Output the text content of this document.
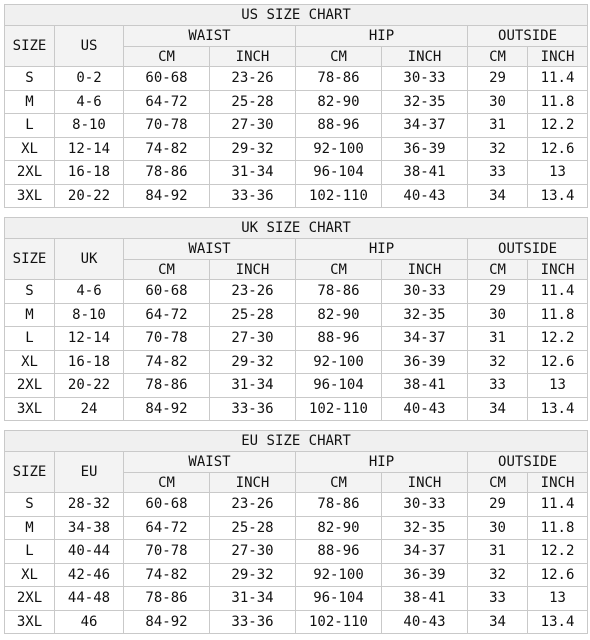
US SIZE CHART							
SIZE	US	WAIST		HIP		OUTSIDE	
		CM	INCH	CM	INCH	CM	INCH
S	0-2	60-68	23-26	78-86	30-33	29	11.4
M	4-6	64-72	25-28	82-90	32-35	30	11.8
L	8-10	70-78	27-30	88-96	34-37	31	12.2
XL	12-14	74-82	29-32	92-100	36-39	32	12.6
2XL	16-18	78-86	31-34	96-104	38-41	33	13
3XL	20-22	84-92	33-36	102-110	40-43	34	13.4
UK SIZE CHART							
SIZE	UK	WAIST		HIP		OUTSIDE	
		CM	INCH	CM	INCH	CM	INCH
S	4-6	60-68	23-26	78-86	30-33	29	11.4
M	8-10	64-72	25-28	82-90	32-35	30	11.8
L	12-14	70-78	27-30	88-96	34-37	31	12.2
XL	16-18	74-82	29-32	92-100	36-39	32	12.6
2XL	20-22	78-86	31-34	96-104	38-41	33	13
3XL	24	84-92	33-36	102-110	40-43	34	13.4
EU SIZE CHART							
SIZE	EU	WAIST		HIP		OUTSIDE	
		CM	INCH	CM	INCH	CM	INCH
S	28-32	60-68	23-26	78-86	30-33	29	11.4
M	34-38	64-72	25-28	82-90	32-35	30	11.8
L	40-44	70-78	27-30	88-96	34-37	31	12.2
XL	42-46	74-82	29-32	92-100	36-39	32	12.6
2XL	44-48	78-86	31-34	96-104	38-41	33	13
3XL	46	84-92	33-36	102-110	40-43	34	13.4
